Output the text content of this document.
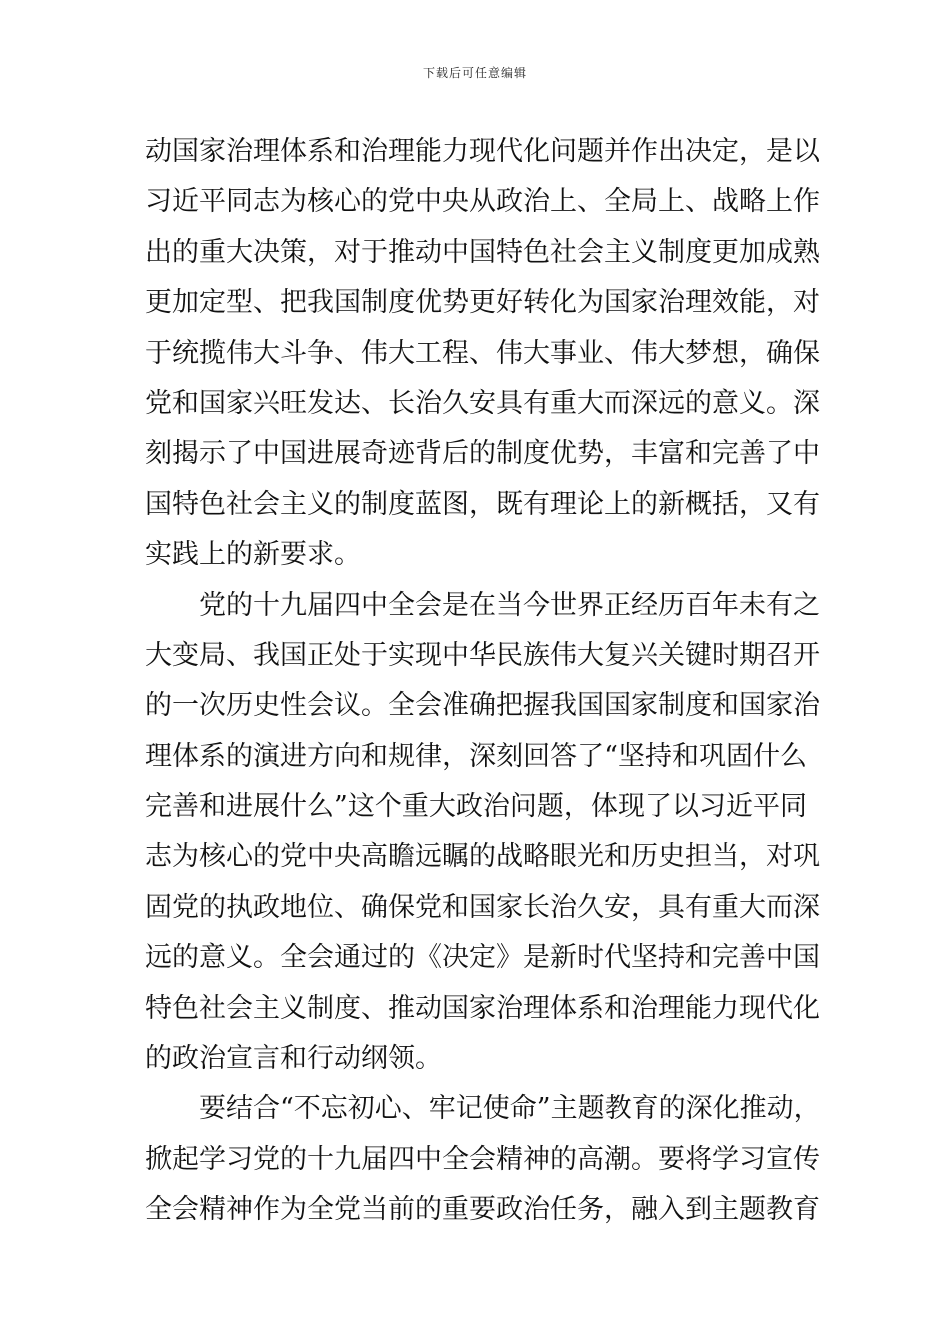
下载后可任意编辑
动国家治理体系和治理能力现代化问题并作出决定，是以
习近平同志为核心的党中央从政治上、全局上、战略上作
出的重大决策，对于推动中国特色社会主义制度更加成熟
更加定型、把我国制度优势更好转化为国家治理效能，对
于统揽伟大斗争、伟大工程、伟大事业、伟大梦想，确保
党和国家兴旺发达、长治久安具有重大而深远的意义。深
刻揭示了中国进展奇迹背后的制度优势，丰富和完善了中
国特色社会主义的制度蓝图，既有理论上的新概括，又有
实践上的新要求。
　　党的十九届四中全会是在当今世界正经历百年未有之
大变局、我国正处于实现中华民族伟大复兴关键时期召开
的一次历史性会议。全会准确把握我国国家制度和国家治
理体系的演进方向和规律，深刻回答了“坚持和巩固什么
完善和进展什么”这个重大政治问题，体现了以习近平同
志为核心的党中央高瞻远瞩的战略眼光和历史担当，对巩
固党的执政地位、确保党和国家长治久安，具有重大而深
远的意义。全会通过的《决定》是新时代坚持和完善中国
特色社会主义制度、推动国家治理体系和治理能力现代化
的政治宣言和行动纲领。
　　要结合“不忘初心、牢记使命”主题教育的深化推动，
掀起学习党的十九届四中全会精神的高潮。要将学习宣传
全会精神作为全党当前的重要政治任务，融入到主题教育
